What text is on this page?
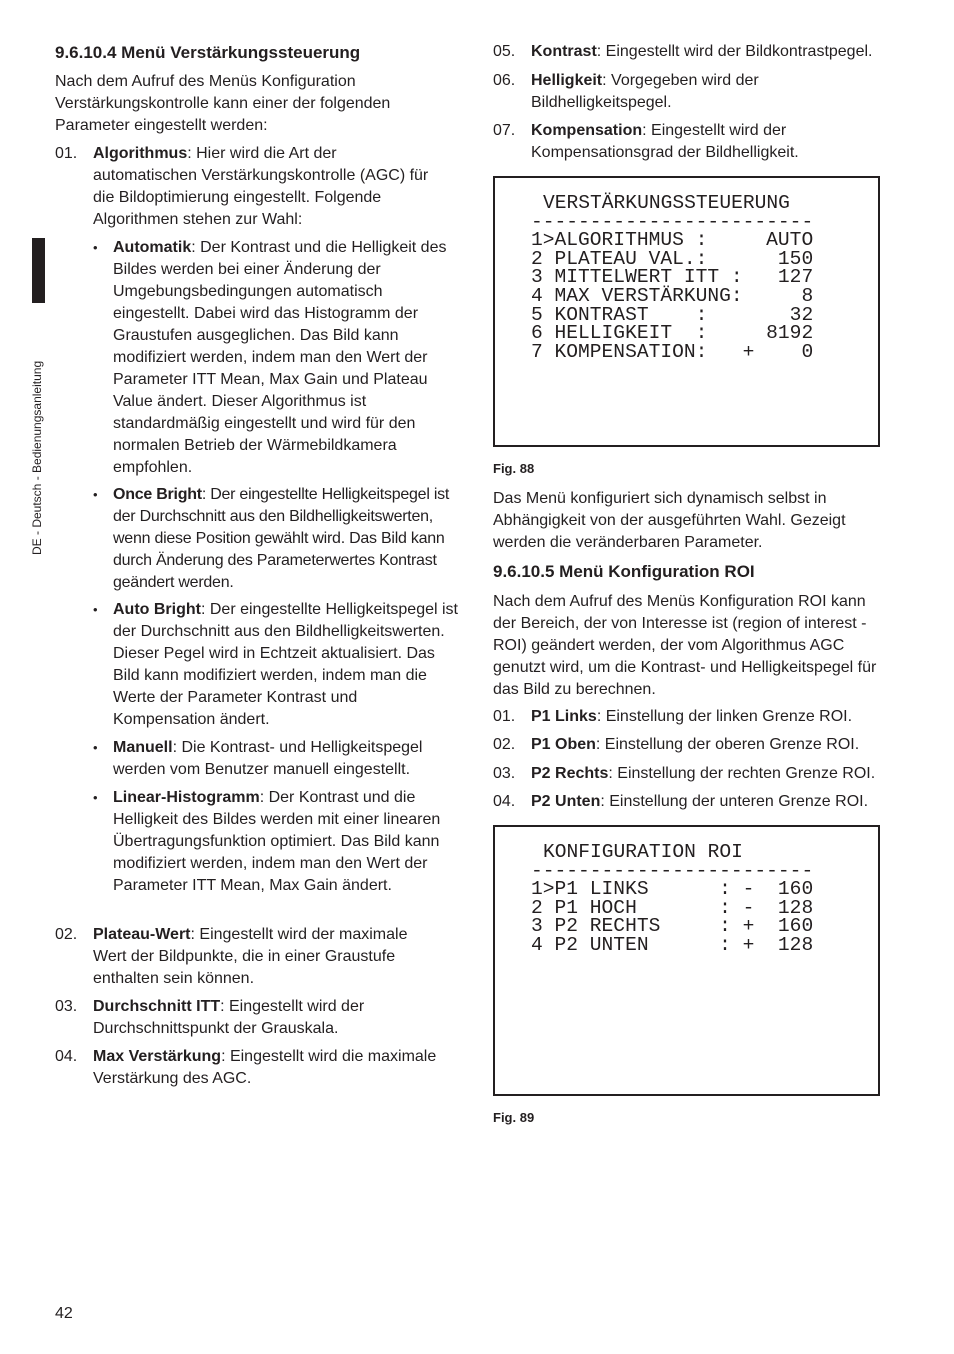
DE - Deutsch - Bedienungsanleitung
9.6.10.4 Menü Verstärkungssteuerung

Nach dem Aufruf des Menüs Konfiguration Verstärkungskontrolle kann einer der folgenden Parameter eingestellt werden:

01. Algorithmus: Hier wird die Art der automatischen Verstärkungskontrolle (AGC) für die Bildoptimierung eingestellt. Folgende Algorithmen stehen zur Wahl:
• Automatik: Der Kontrast und die Helligkeit des Bildes werden bei einer Änderung der Umgebungsbedingungen automatisch eingestellt. Dabei wird das Histogramm der Graustufen ausgeglichen. Das Bild kann modifiziert werden, indem man den Wert der Parameter ITT Mean, Max Gain und Plateau Value ändert. Dieser Algorithmus ist standardmäßig eingestellt und wird für den normalen Betrieb der Wärmebildkamera empfohlen.
• Once Bright: Der eingestellte Helligkeitspegel ist der Durchschnitt aus den Bildhelligkeitswerten, wenn diese Position gewählt wird. Das Bild kann durch Änderung des Parameterwertes Kontrast geändert werden.
• Auto Bright: Der eingestellte Helligkeitspegel ist der Durchschnitt aus den Bildhelligkeitswerten. Dieser Pegel wird in Echtzeit aktualisiert. Das Bild kann modifiziert werden, indem man die Werte der Parameter Kontrast und Kompensation ändert.
• Manuell: Die Kontrast- und Helligkeitspegel werden vom Benutzer manuell eingestellt.
• Linear-Histogramm: Der Kontrast und die Helligkeit des Bildes werden mit einer linearen Übertragungsfunktion optimiert. Das Bild kann modifiziert werden, indem man den Wert der Parameter ITT Mean, Max Gain ändert.
02. Plateau-Wert: Eingestellt wird der maximale Wert der Bildpunkte, die in einer Graustufe enthalten sein können.
03. Durchschnitt ITT: Eingestellt wird der Durchschnittspunkt der Grauskala.
04. Max Verstärkung: Eingestellt wird die maximale Verstärkung des AGC.
05. Kontrast: Eingestellt wird der Bildkontrastpegel.
06. Helligkeit: Vorgegeben wird der Bildhelligkeitspegel.
07. Kompensation: Eingestellt wird der Kompensationsgrad der Bildhelligkeit.
VERSTÄRKUNGSSTEUERUNG
------------------------
1>ALGORITHMUS :     AUTO
2 PLATEAU VAL.:      150
3 MITTELWERT ITT :   127
4 MAX VERSTÄRKUNG:     8
5 KONTRAST    :       32
6 HELLIGKEIT  :     8192
7 KOMPENSATION:   +    0
Fig. 88

Das Menü konfiguriert sich dynamisch selbst in Abhängigkeit von der ausgeführten Wahl. Gezeigt werden die veränderbaren Parameter.

9.6.10.5 Menü Konfiguration ROI

Nach dem Aufruf des Menüs Konfiguration ROI kann der Bereich, der von Interesse ist (region of interest - ROI) geändert werden, der vom Algorithmus AGC genutzt wird, um die Kontrast- und Helligkeitspegel für das Bild zu berechnen.

01. P1 Links: Einstellung der linken Grenze ROI.
02. P1 Oben: Einstellung der oberen Grenze ROI.
03. P2 Rechts: Einstellung der rechten Grenze ROI.
04. P2 Unten: Einstellung der unteren Grenze ROI.
KONFIGURATION ROI
------------------------
1>P1 LINKS      : -  160
2 P1 HOCH       : -  128
3 P2 RECHTS     : +  160
4 P2 UNTEN      : +  128
Fig. 89
42
